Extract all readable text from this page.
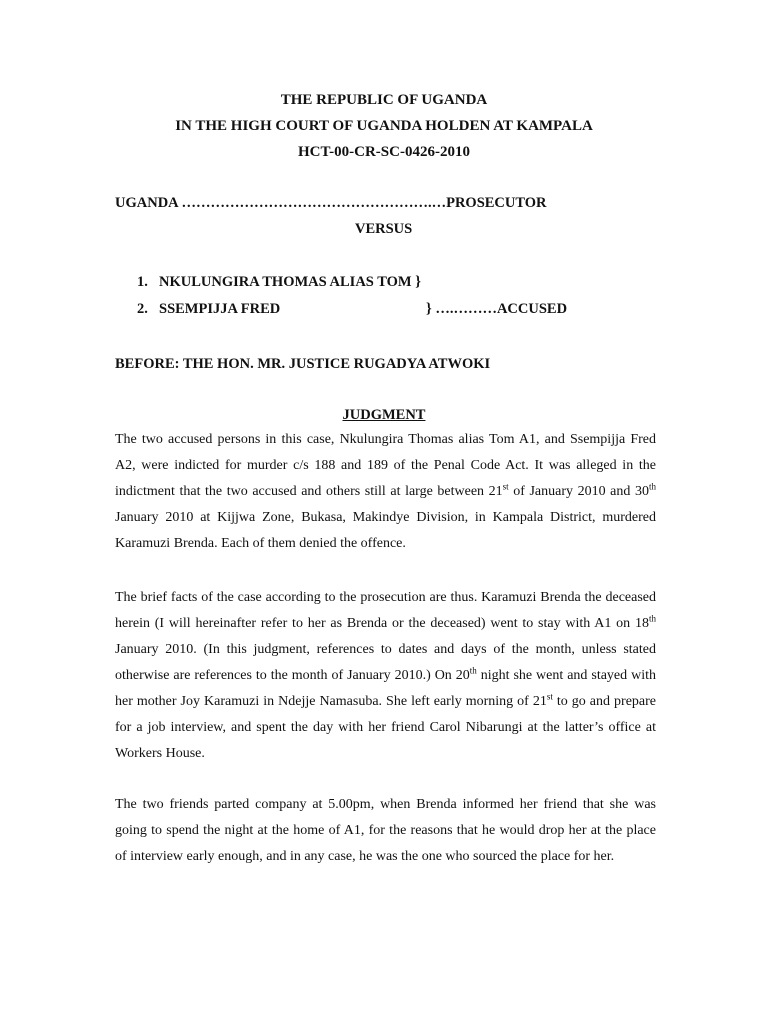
THE REPUBLIC OF UGANDA
IN THE HIGH COURT OF UGANDA HOLDEN AT KAMPALA
HCT-00-CR-SC-0426-2010
UGANDA …………………………………………….…PROSECUTOR
VERSUS
1. NKULUNGIRA THOMAS ALIAS TOM }
2. SSEMPIJJA FRED	} ….………ACCUSED
BEFORE: THE HON. MR. JUSTICE RUGADYA ATWOKI
JUDGMENT

The two accused persons in this case, Nkulungira Thomas alias Tom A1, and Ssempijja Fred A2, were indicted for murder c/s 188 and 189 of the Penal Code Act. It was alleged in the indictment that the two accused and others still at large between 21st of January 2010 and 30th January 2010 at Kijjwa Zone, Bukasa, Makindye Division, in Kampala District, murdered Karamuzi Brenda. Each of them denied the offence.

The brief facts of the case according to the prosecution are thus. Karamuzi Brenda the deceased herein (I will hereinafter refer to her as Brenda or the deceased) went to stay with A1 on 18th January 2010. (In this judgment, references to dates and days of the month, unless stated otherwise are references to the month of January 2010.) On 20th night she went and stayed with her mother Joy Karamuzi in Ndejje Namasuba. She left early morning of 21st to go and prepare for a job interview, and spent the day with her friend Carol Nibarungi at the latter’s office at Workers House.

The two friends parted company at 5.00pm, when Brenda informed her friend that she was going to spend the night at the home of A1, for the reasons that he would drop her at the place of interview early enough, and in any case, he was the one who sourced the place for her.
